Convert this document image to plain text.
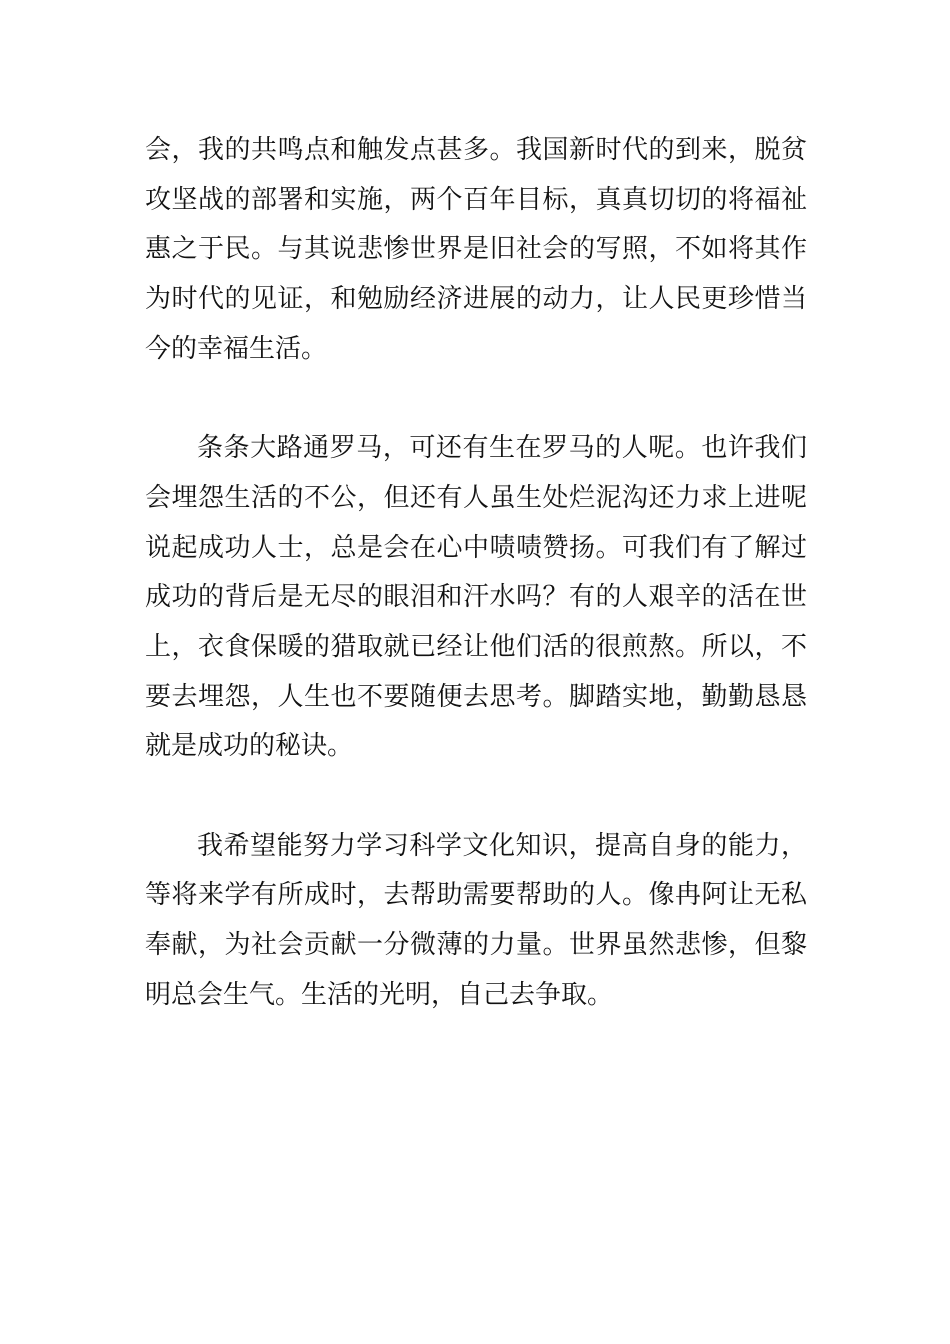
会，我的共鸣点和触发点甚多。我国新时代的到来，脱贫
攻坚战的部署和实施，两个百年目标，真真切切的将福祉
惠之于民。与其说悲惨世界是旧社会的写照，不如将其作
为时代的见证，和勉励经济进展的动力，让人民更珍惜当
今的幸福生活。

条条大路通罗马，可还有生在罗马的人呢。也许我们
会埋怨生活的不公，但还有人虽生处烂泥沟还力求上进呢
说起成功人士，总是会在心中啧啧赞扬。可我们有了解过
成功的背后是无尽的眼泪和汗水吗？有的人艰辛的活在世
上，衣食保暖的猎取就已经让他们活的很煎熬。所以，不
要去埋怨，人生也不要随便去思考。脚踏实地，勤勤恳恳
就是成功的秘诀。

我希望能努力学习科学文化知识，提高自身的能力，
等将来学有所成时，去帮助需要帮助的人。像冉阿让无私
奉献，为社会贡献一分微薄的力量。世界虽然悲惨，但黎
明总会生气。生活的光明，自己去争取。
